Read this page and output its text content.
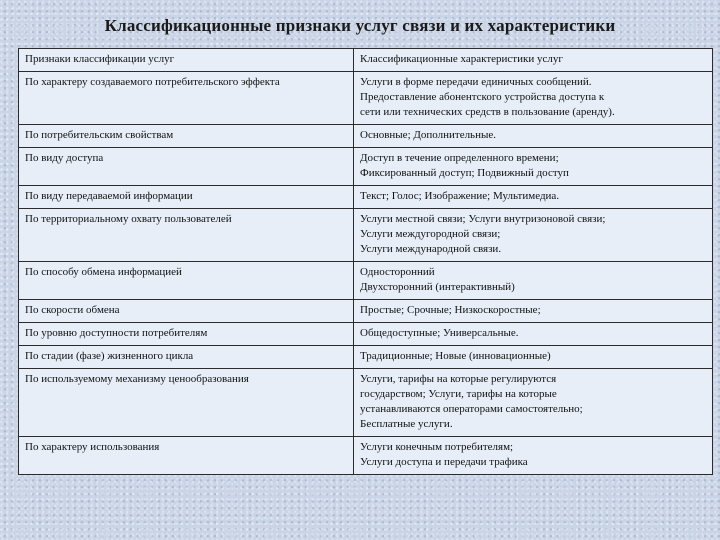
Классификационные признаки услуг связи и их характеристики
Признаки классификации услуг	Классификационные характеристики услуг
По характеру создаваемого потребительского эффекта	Услуги в форме передачи единичных сообщений.
Предоставление абонентского устройства доступа к
сети или технических средств в пользование (аренду).

По потребительским свойствам	Основные; Дополнительные.

По виду доступа	Доступ в течение определенного времени;
Фиксированный доступ; Подвижный доступ

По виду передаваемой информации	Текст; Голос; Изображение; Мультимедиа.

По территориальному охвату пользователей	Услуги местной связи; Услуги внутризоновой связи;
Услуги междугородной связи;
Услуги международной связи.

По способу обмена информацией	Односторонний
Двухсторонний (интерактивный)

По скорости обмена	Простые; Срочные; Низкоскоростные;

По уровню доступности потребителям	Общедоступные; Универсальные.

По стадии (фазе) жизненного цикла	Традиционные; Новые (инновационные)

По используемому механизму ценообразования	Услуги, тарифы на которые регулируются
государством; Услуги, тарифы на которые
устанавливаются операторами самостоятельно;
Бесплатные услуги.

По характеру использования	Услуги конечным потребителям;
Услуги доступа и передачи трафика
